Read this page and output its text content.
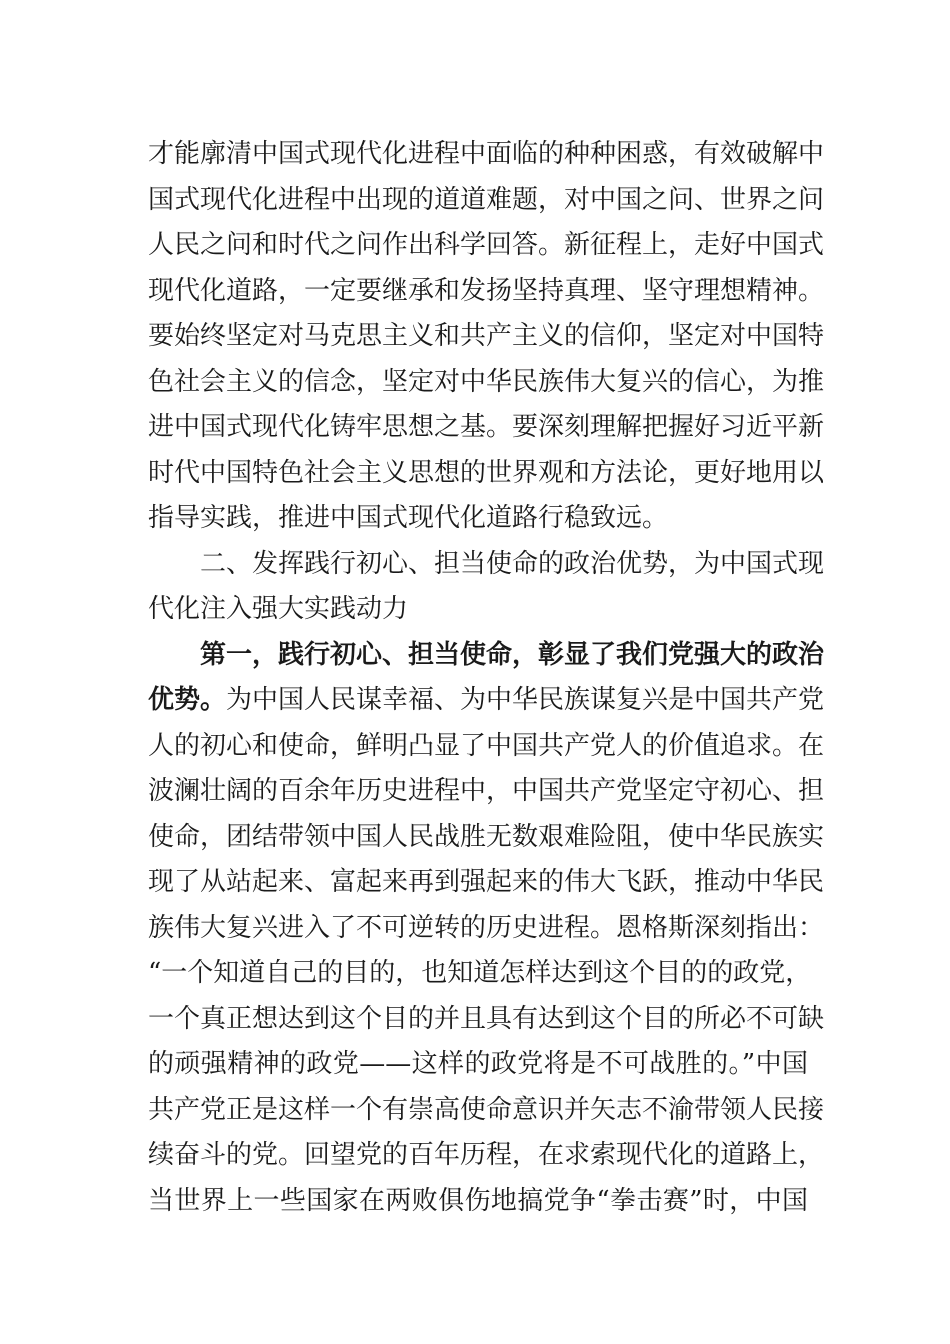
才能廓清中国式现代化进程中面临的种种困惑，有效破解中
国式现代化进程中出现的道道难题，对中国之问、世界之问
人民之问和时代之问作出科学回答。新征程上，走好中国式
现代化道路，一定要继承和发扬坚持真理、坚守理想精神。
要始终坚定对马克思主义和共产主义的信仰，坚定对中国特
色社会主义的信念，坚定对中华民族伟大复兴的信心，为推
进中国式现代化铸牢思想之基。要深刻理解把握好习近平新
时代中国特色社会主义思想的世界观和方法论，更好地用以
指导实践，推进中国式现代化道路行稳致远。
二、发挥践行初心、担当使命的政治优势，为中国式现
代化注入强大实践动力
第一，践行初心、担当使命，彰显了我们党强大的政治
优势。为中国人民谋幸福、为中华民族谋复兴是中国共产党
人的初心和使命，鲜明凸显了中国共产党人的价值追求。在
波澜壮阔的百余年历史进程中，中国共产党坚定守初心、担
使命，团结带领中国人民战胜无数艰难险阻，使中华民族实
现了从站起来、富起来再到强起来的伟大飞跃，推动中华民
族伟大复兴进入了不可逆转的历史进程。恩格斯深刻指出：
“一个知道自己的目的，也知道怎样达到这个目的的政党，
一个真正想达到这个目的并且具有达到这个目的所必不可缺
的顽强精神的政党——这样的政党将是不可战胜的。”中国
共产党正是这样一个有崇高使命意识并矢志不渝带领人民接
续奋斗的党。回望党的百年历程，在求索现代化的道路上，
当世界上一些国家在两败俱伤地搞党争“拳击赛”时，中国
